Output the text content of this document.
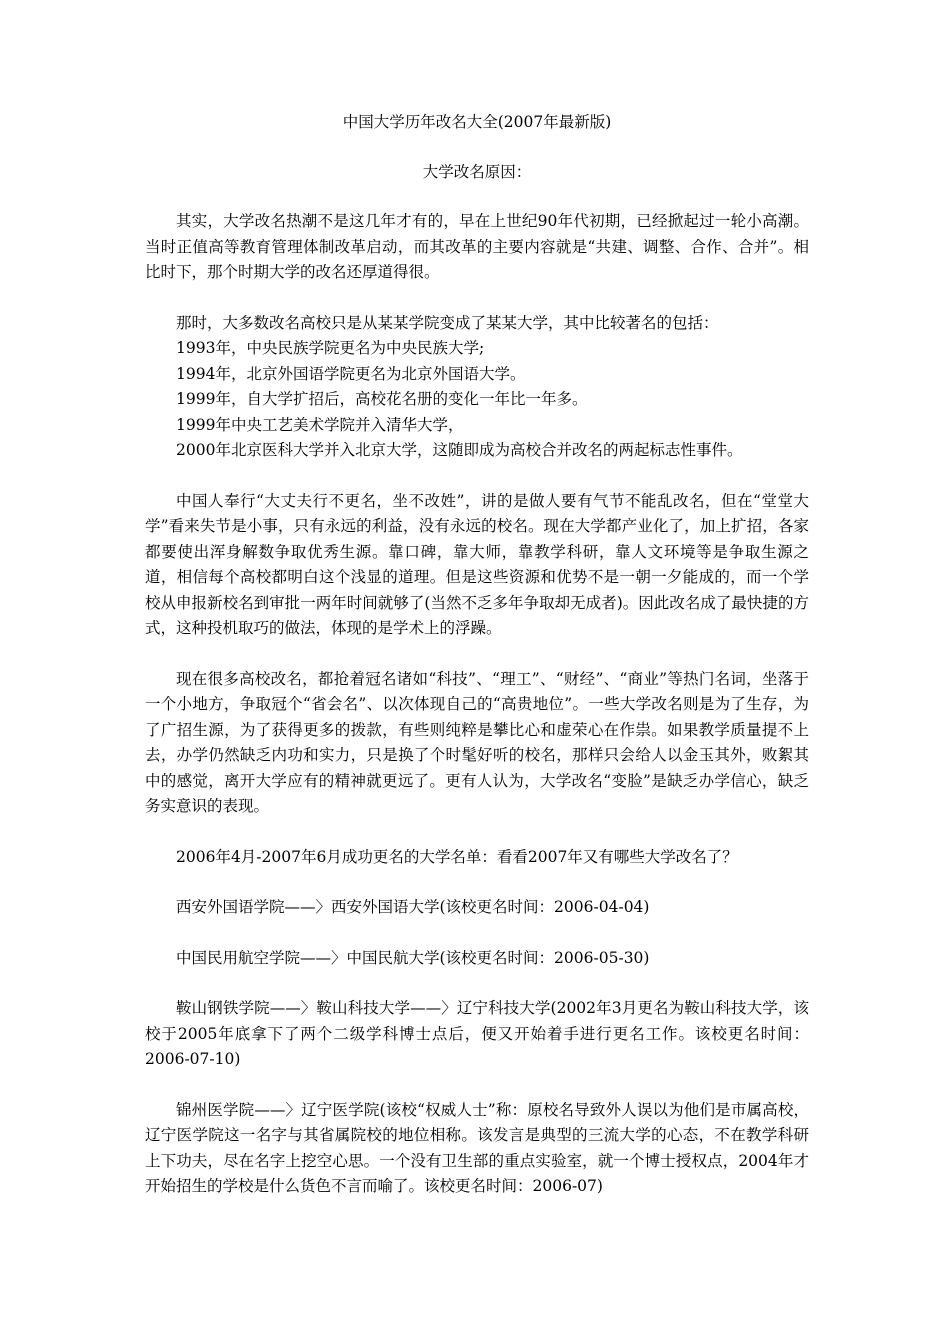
中国大学历年改名大全(2007年最新版)
大学改名原因：

其实，大学改名热潮不是这几年才有的，早在上世纪90年代初期，已经掀起过一轮小高潮。当时正值高等教育管理体制改革启动，而其改革的主要内容就是“共建、调整、合作、合并”。相比时下，那个时期大学的改名还厚道得很。

那时，大多数改名高校只是从某某学院变成了某某大学，其中比较著名的包括：
1993年，中央民族学院更名为中央民族大学;
1994年，北京外国语学院更名为北京外国语大学。
1999年，自大学扩招后，高校花名册的变化一年比一年多。
1999年中央工艺美术学院并入清华大学，
2000年北京医科大学并入北京大学，这随即成为高校合并改名的两起标志性事件。

中国人奉行“大丈夫行不更名，坐不改姓”，讲的是做人要有气节不能乱改名，但在“堂堂大学”看来失节是小事，只有永远的利益，没有永远的校名。现在大学都产业化了，加上扩招，各家都要使出浑身解数争取优秀生源。靠口碑，靠大师，靠教学科研，靠人文环境等是争取生源之道，相信每个高校都明白这个浅显的道理。但是这些资源和优势不是一朝一夕能成的，而一个学校从申报新校名到审批一两年时间就够了(当然不乏多年争取却无成者)。因此改名成了最快捷的方式，这种投机取巧的做法，体现的是学术上的浮躁。

现在很多高校改名，都抢着冠名诸如“科技”、“理工”、“财经”、“商业”等热门名词，坐落于一个小地方，争取冠个“省会名”、以次体现自己的“高贵地位”。一些大学改名则是为了生存，为了广招生源，为了获得更多的拨款，有些则纯粹是攀比心和虚荣心在作祟。如果教学质量提不上去，办学仍然缺乏内功和实力，只是换了个时髦好听的校名，那样只会给人以金玉其外，败絮其中的感觉，离开大学应有的精神就更远了。更有人认为，大学改名“变脸”是缺乏办学信心，缺乏务实意识的表现。

2006年4月-2007年6月成功更名的大学名单：看看2007年又有哪些大学改名了？

西安外国语学院——〉西安外国语大学(该校更名时间：2006-04-04)

中国民用航空学院——〉中国民航大学(该校更名时间：2006-05-30)

鞍山钢铁学院——〉鞍山科技大学——〉辽宁科技大学(2002年3月更名为鞍山科技大学，该校于2005年底拿下了两个二级学科博士点后，便又开始着手进行更名工作。该校更名时间：2006-07-10)

锦州医学院——〉辽宁医学院(该校“权威人士”称：原校名导致外人误以为他们是市属高校，辽宁医学院这一名字与其省属院校的地位相称。该发言是典型的三流大学的心态，不在教学科研上下功夫，尽在名字上挖空心思。一个没有卫生部的重点实验室，就一个博士授权点，2004年才开始招生的学校是什么货色不言而喻了。该校更名时间：2006-07)
